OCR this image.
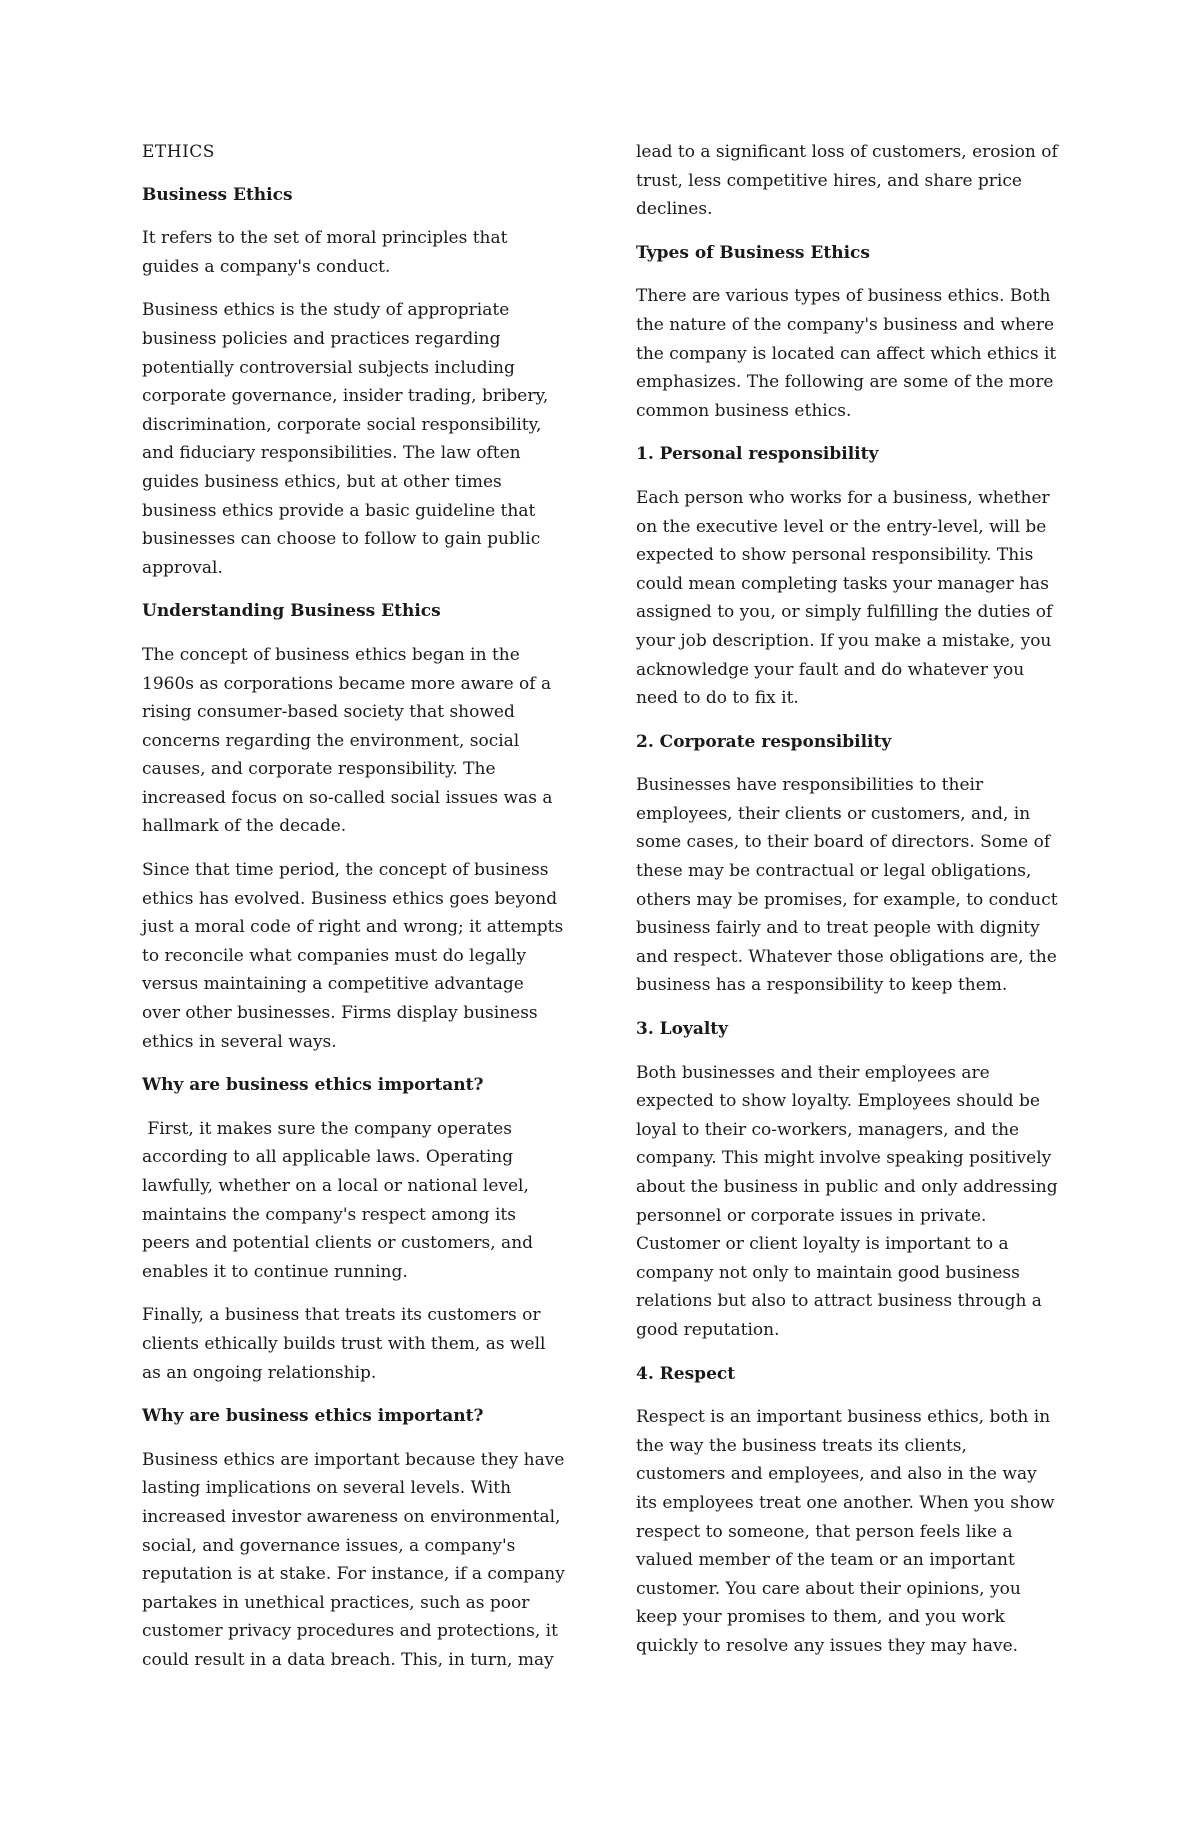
ETHICS
Business Ethics

It refers to the set of moral principles that guides a company's conduct.

Business ethics is the study of appropriate business policies and practices regarding potentially controversial subjects including corporate governance, insider trading, bribery, discrimination, corporate social responsibility, and fiduciary responsibilities. The law often guides business ethics, but at other times business ethics provide a basic guideline that businesses can choose to follow to gain public approval.

Understanding Business Ethics

The concept of business ethics began in the 1960s as corporations became more aware of a rising consumer-based society that showed concerns regarding the environment, social causes, and corporate responsibility. The increased focus on so-called social issues was a hallmark of the decade.

Since that time period, the concept of business ethics has evolved. Business ethics goes beyond just a moral code of right and wrong; it attempts to reconcile what companies must do legally versus maintaining a competitive advantage over other businesses. Firms display business ethics in several ways.

Why are business ethics important?

First, it makes sure the company operates according to all applicable laws. Operating lawfully, whether on a local or national level, maintains the company's respect among its peers and potential clients or customers, and enables it to continue running.

Finally, a business that treats its customers or clients ethically builds trust with them, as well as an ongoing relationship.

Why are business ethics important?

Business ethics are important because they have lasting implications on several levels. With increased investor awareness on environmental, social, and governance issues, a company's reputation is at stake. For instance, if a company partakes in unethical practices, such as poor customer privacy procedures and protections, it could result in a data breach. This, in turn, may

lead to a significant loss of customers, erosion of trust, less competitive hires, and share price declines.

Types of Business Ethics

There are various types of business ethics. Both the nature of the company's business and where the company is located can affect which ethics it emphasizes. The following are some of the more common business ethics.

1. Personal responsibility

Each person who works for a business, whether on the executive level or the entry-level, will be expected to show personal responsibility. This could mean completing tasks your manager has assigned to you, or simply fulfilling the duties of your job description. If you make a mistake, you acknowledge your fault and do whatever you need to do to fix it.

2. Corporate responsibility

Businesses have responsibilities to their employees, their clients or customers, and, in some cases, to their board of directors. Some of these may be contractual or legal obligations, others may be promises, for example, to conduct business fairly and to treat people with dignity and respect. Whatever those obligations are, the business has a responsibility to keep them.

3. Loyalty

Both businesses and their employees are expected to show loyalty. Employees should be loyal to their co-workers, managers, and the company. This might involve speaking positively about the business in public and only addressing personnel or corporate issues in private. Customer or client loyalty is important to a company not only to maintain good business relations but also to attract business through a good reputation.

4. Respect

Respect is an important business ethics, both in the way the business treats its clients, customers and employees, and also in the way its employees treat one another. When you show respect to someone, that person feels like a valued member of the team or an important customer. You care about their opinions, you keep your promises to them, and you work quickly to resolve any issues they may have.
